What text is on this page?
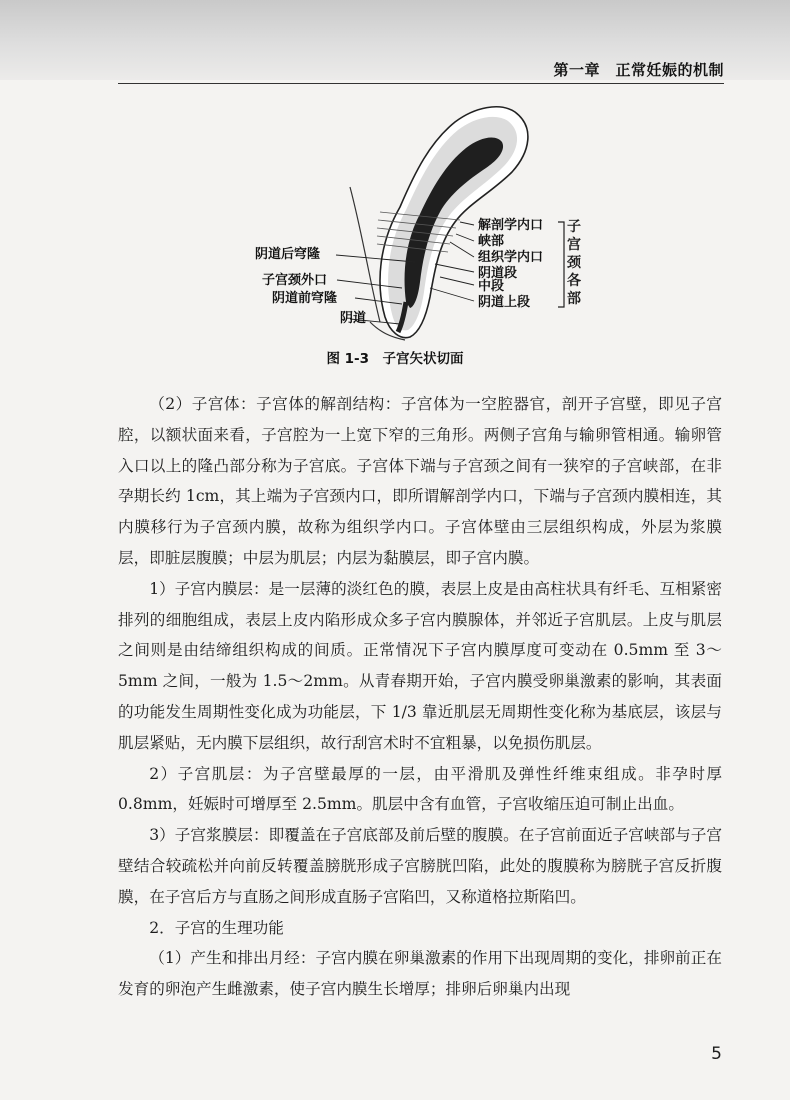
第一章　正常妊娠的机制
阴道后穹隆
子宫颈外口
阴道前穹隆
阴道
解剖学内口
峡部
组织学内口
阴道段
中段
阴道上段
子宫颈各部
图 1-3　子宫矢状切面

（2）子宫体：子宫体的解剖结构：子宫体为一空腔器官，剖开子宫壁，即见子宫腔，以额状面来看，子宫腔为一上宽下窄的三角形。两侧子宫角与输卵管相通。输卵管入口以上的隆凸部分称为子宫底。子宫体下端与子宫颈之间有一狭窄的子宫峡部，在非孕期长约 1cm，其上端为子宫颈内口，即所谓解剖学内口，下端与子宫颈内膜相连，其内膜移行为子宫颈内膜，故称为组织学内口。子宫体壁由三层组织构成，外层为浆膜层，即脏层腹膜；中层为肌层；内层为黏膜层，即子宫内膜。

1）子宫内膜层：是一层薄的淡红色的膜，表层上皮是由高柱状具有纤毛、互相紧密排列的细胞组成，表层上皮内陷形成众多子宫内膜腺体，并邻近子宫肌层。上皮与肌层之间则是由结缔组织构成的间质。正常情况下子宫内膜厚度可变动在 0.5mm 至 3～5mm 之间，一般为 1.5～2mm。从青春期开始，子宫内膜受卵巢激素的影响，其表面的功能发生周期性变化成为功能层，下 1/3 靠近肌层无周期性变化称为基底层，该层与肌层紧贴，无内膜下层组织，故行刮宫术时不宜粗暴，以免损伤肌层。

2）子宫肌层：为子宫壁最厚的一层，由平滑肌及弹性纤维束组成。非孕时厚 0.8mm，妊娠时可增厚至 2.5mm。肌层中含有血管，子宫收缩压迫可制止出血。

3）子宫浆膜层：即覆盖在子宫底部及前后壁的腹膜。在子宫前面近子宫峡部与子宫壁结合较疏松并向前反转覆盖膀胱形成子宫膀胱凹陷，此处的腹膜称为膀胱子宫反折腹膜，在子宫后方与直肠之间形成直肠子宫陷凹，又称道格拉斯陷凹。

2．子宫的生理功能

（1）产生和排出月经：子宫内膜在卵巢激素的作用下出现周期的变化，排卵前正在发育的卵泡产生雌激素，使子宫内膜生长增厚；排卵后卵巢内出现

5
